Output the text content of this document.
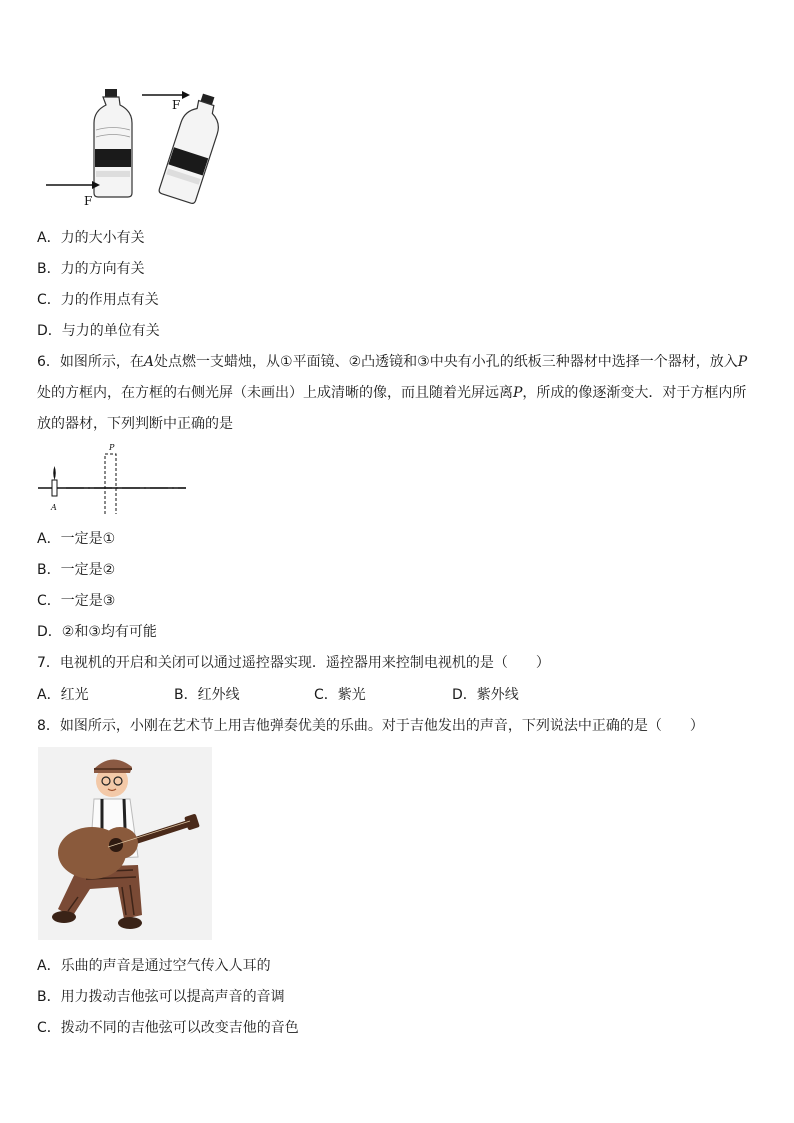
F
F
A．力的大小有关
B．力的方向有关
C．力的作用点有关
D．与力的单位有关
6．如图所示，在A处点燃一支蜡烛，从①平面镜、②凸透镜和③中央有小孔的纸板三种器材中选择一个器材，放入P处的方框内，在方框的右侧光屏（未画出）上成清晰的像，而且随着光屏远离P，所成的像逐渐变大．对于方框内所放的器材，下列判断中正确的是
A
P
A．一定是①
B．一定是②
C．一定是③
D．②和③均有可能
7．电视机的开启和关闭可以通过遥控器实现．遥控器用来控制电视机的是（　　）
A．红光	B．红外线	C．紫光	D．紫外线
8．如图所示，小刚在艺术节上用吉他弹奏优美的乐曲。对于吉他发出的声音，下列说法中正确的是（　　）
A．乐曲的声音是通过空气传入人耳的
B．用力拨动吉他弦可以提高声音的音调
C．拨动不同的吉他弦可以改变吉他的音色
